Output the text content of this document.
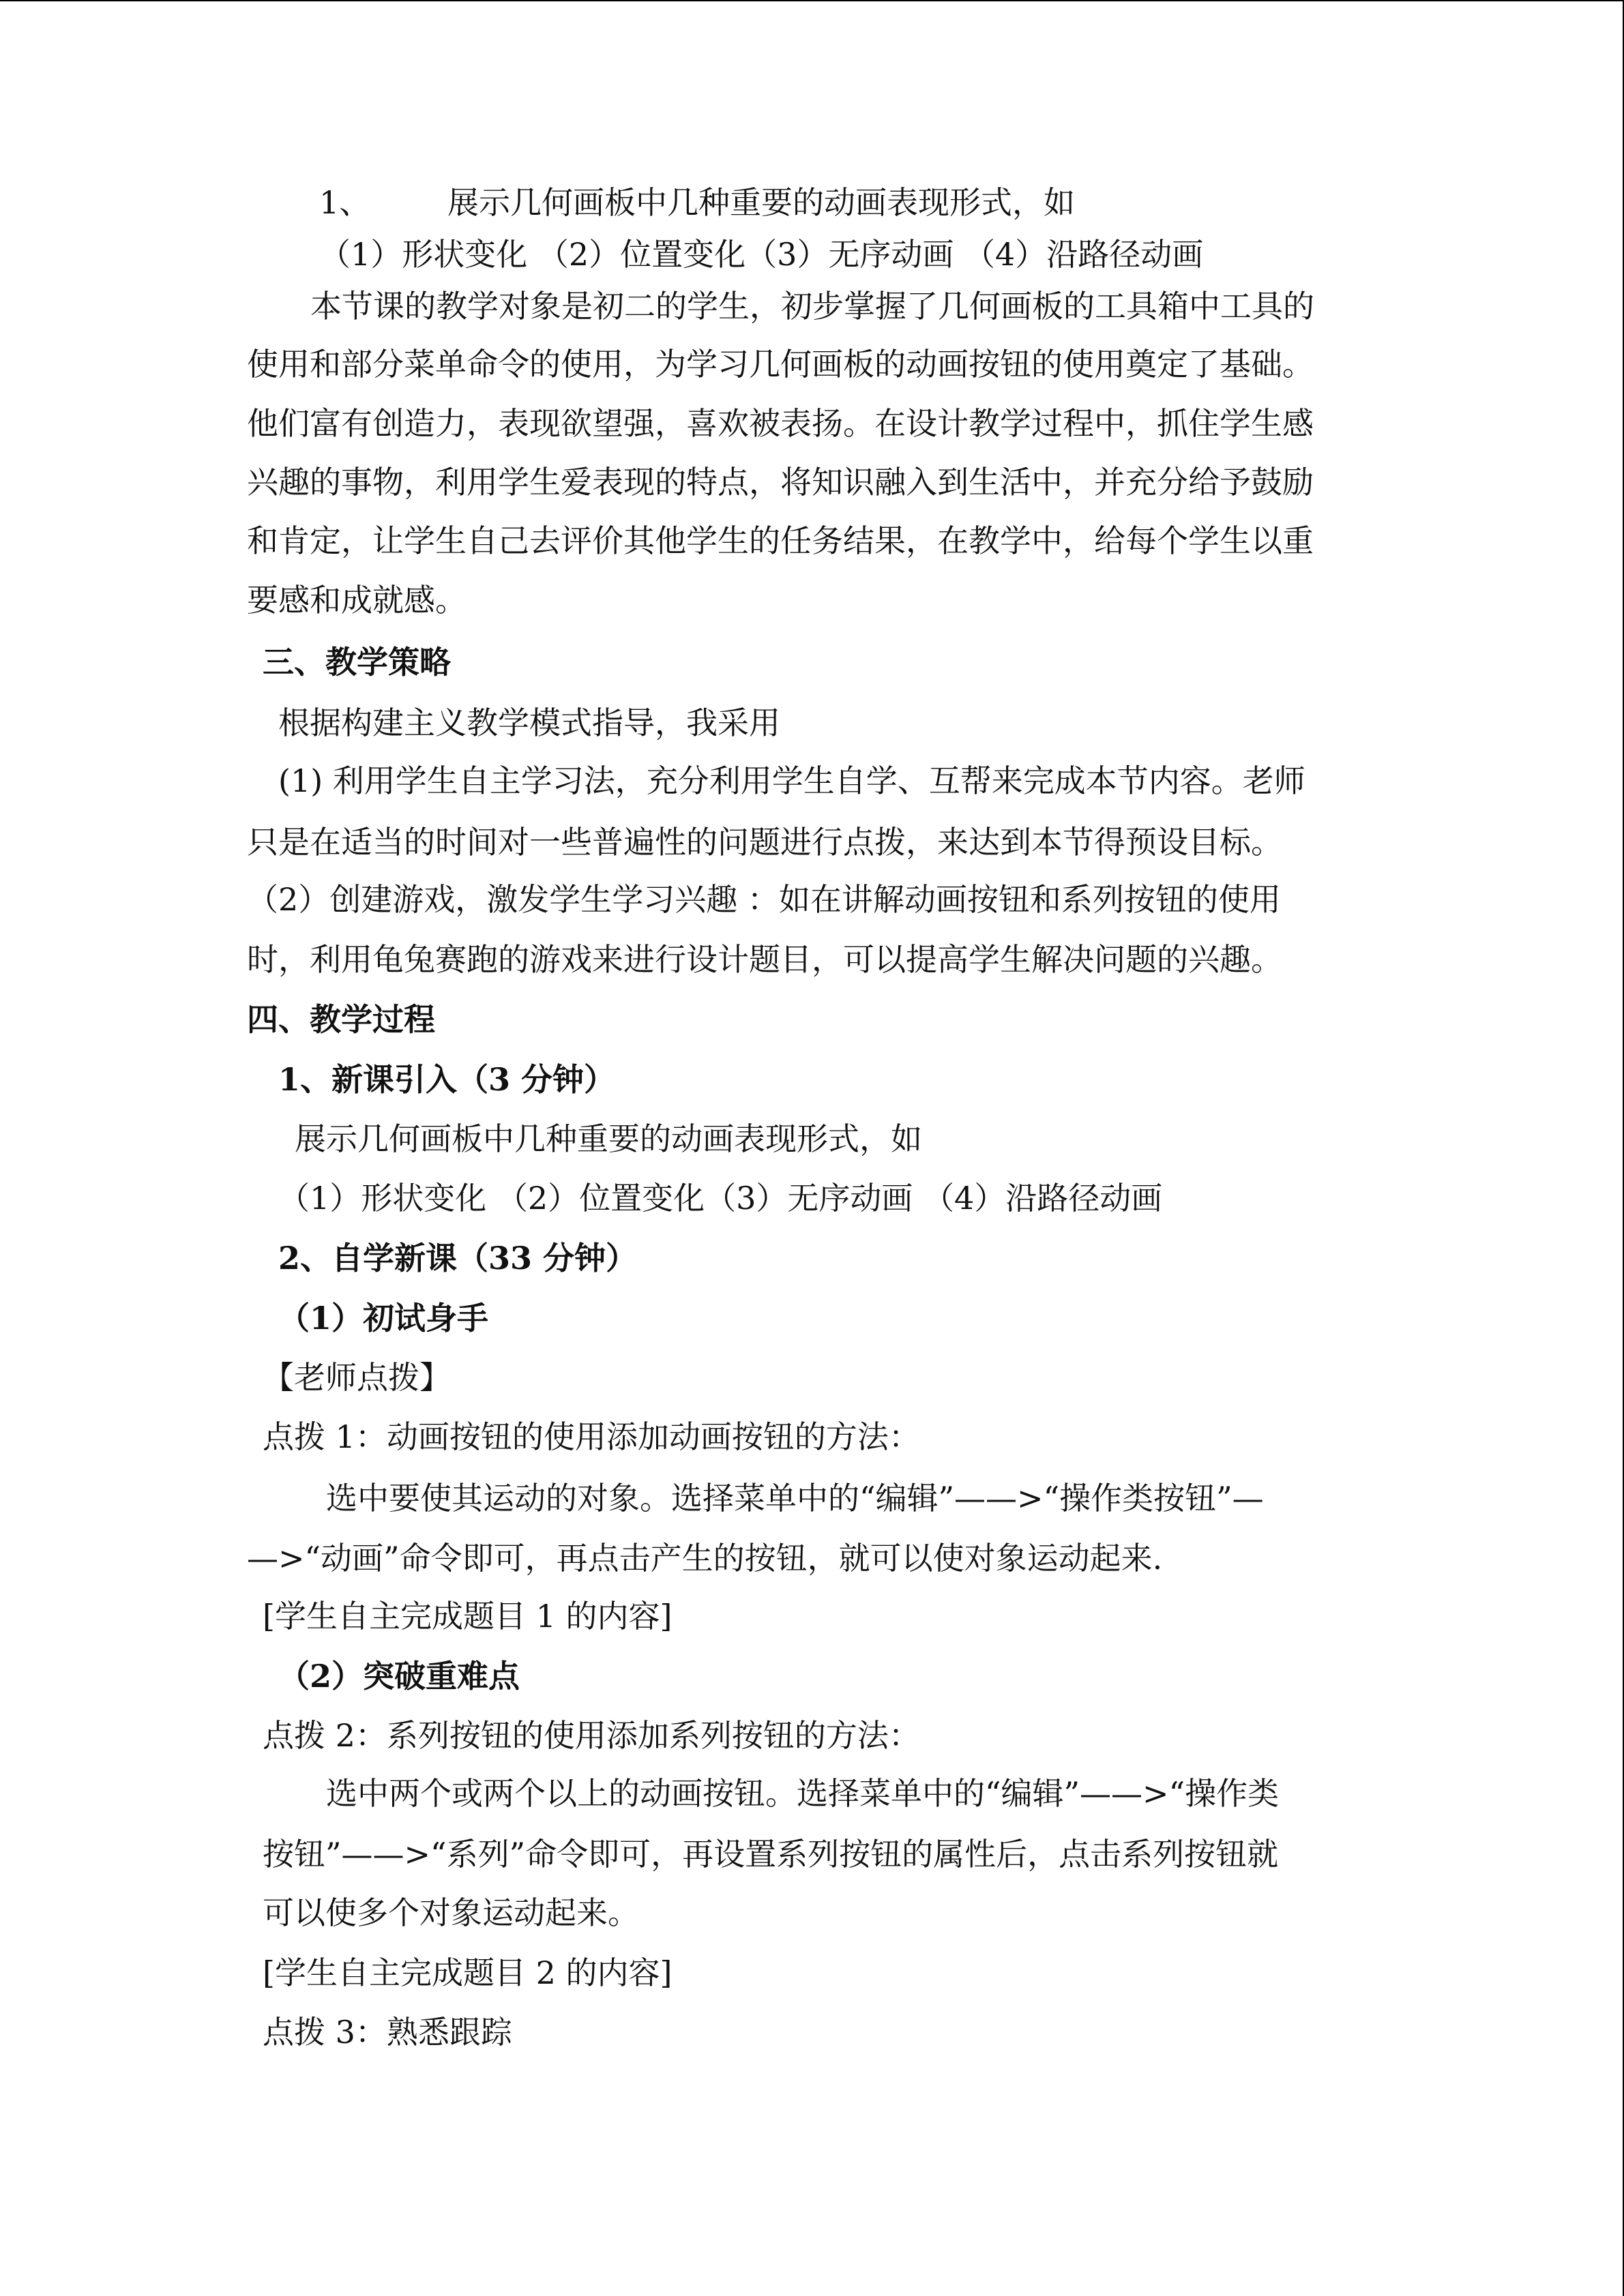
1、 展示几何画板中几种重要的动画表现形式，如
（1）形状变化 （2）位置变化（3）无序动画 （4）沿路径动画
本节课的教学对象是初二的学生，初步掌握了几何画板的工具箱中工具的
使用和部分菜单命令的使用，为学习几何画板的动画按钮的使用奠定了基础。
他们富有创造力，表现欲望强，喜欢被表扬。在设计教学过程中，抓住学生感
兴趣的事物，利用学生爱表现的特点，将知识融入到生活中，并充分给予鼓励
和肯定，让学生自己去评价其他学生的任务结果，在教学中，给每个学生以重
要感和成就感。
三、教学策略
根据构建主义教学模式指导，我采用
(1) 利用学生自主学习法，充分利用学生自学、互帮来完成本节内容。老师
只是在适当的时间对一些普遍性的问题进行点拨，来达到本节得预设目标。
（2）创建游戏，激发学生学习兴趣 ：如在讲解动画按钮和系列按钮的使用
时，利用龟兔赛跑的游戏来进行设计题目，可以提高学生解决问题的兴趣。
四、教学过程
1、新课引入（3 分钟）
展示几何画板中几种重要的动画表现形式，如
（1）形状变化 （2）位置变化（3）无序动画 （4）沿路径动画
2、自学新课（33 分钟）
（1）初试身手
【老师点拨】
点拨 1：动画按钮的使用添加动画按钮的方法：
选中要使其运动的对象。选择菜单中的“编辑”——>“操作类按钮”—
—>“动画”命令即可，再点击产生的按钮，就可以使对象运动起来.
[学生自主完成题目 1 的内容]
（2）突破重难点
点拨 2：系列按钮的使用添加系列按钮的方法：
选中两个或两个以上的动画按钮。选择菜单中的“编辑”——>“操作类
按钮”——>“系列”命令即可，再设置系列按钮的属性后，点击系列按钮就
可以使多个对象运动起来。
[学生自主完成题目 2 的内容]
点拨 3：熟悉跟踪
